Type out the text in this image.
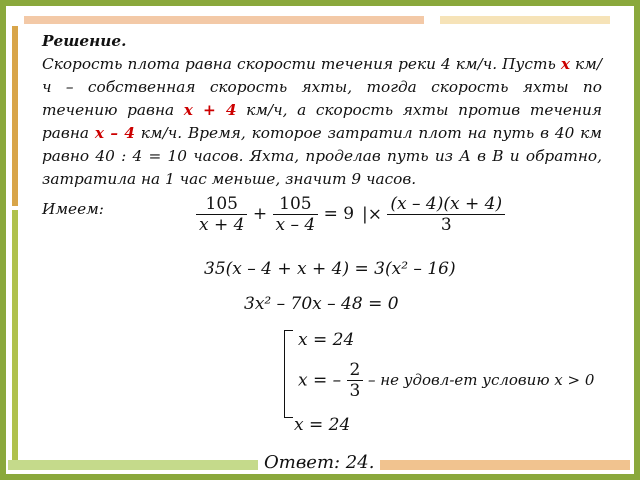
Решение.
Скорость плота равна скорости течения реки 4 км/ч. Пусть x км/ч – собственная скорость яхты, тогда скорость яхты по течению равна x + 4 км/ч, а скорость яхты против течения равна x – 4 км/ч. Время, которое затратил плот на путь в 40 км равно 40 : 4 = 10 часов. Яхта, проделав путь из А в В и обратно, затратила на 1 час меньше, значит 9 часов.
Имеем:	$\frac{105}{x + 4} + \frac{105}{x - 4} = 9$ |× $\frac{(x - 4)(x + 4)}{3}$
35(x – 4 + x + 4) = 3(x² – 16)
3x² – 70x – 48 = 0
x = 24
x = – $\frac{2}{3}$ – не удовл-ет условию x > 0
x = 24
Ответ: 24.
